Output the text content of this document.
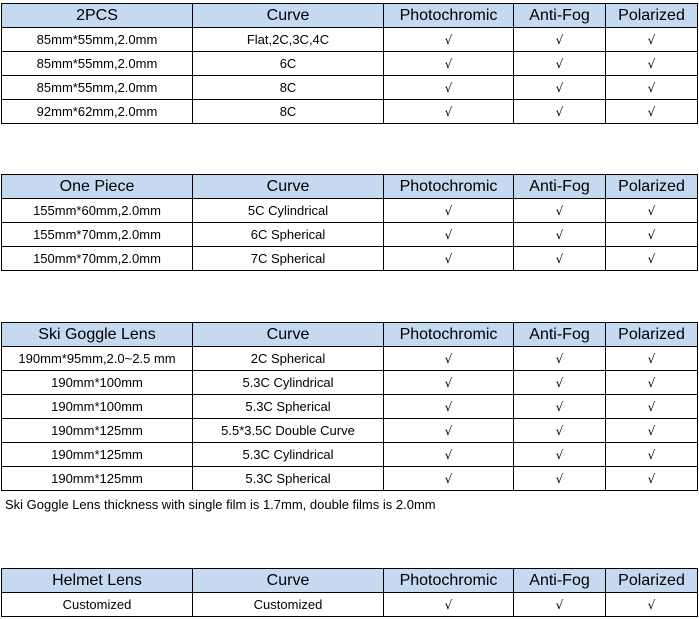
2PCS	Curve	Photochromic	Anti-Fog	Polarized
85mm*55mm,2.0mm	Flat,2C,3C,4C	√	√	√
85mm*55mm,2.0mm	6C	√	√	√
85mm*55mm,2.0mm	8C	√	√	√
92mm*62mm,2.0mm	8C	√	√	√
One Piece	Curve	Photochromic	Anti-Fog	Polarized
155mm*60mm,2.0mm	5C Cylindrical	√	√	√
155mm*70mm,2.0mm	6C Spherical	√	√	√
150mm*70mm,2.0mm	7C Spherical	√	√	√
Ski Goggle Lens	Curve	Photochromic	Anti-Fog	Polarized
190mm*95mm,2.0~2.5 mm	2C Spherical	√	√	√
190mm*100mm	5.3C Cylindrical	√	√	√
190mm*100mm	5.3C Spherical	√	√	√
190mm*125mm	5.5*3.5C Double Curve	√	√	√
190mm*125mm	5.3C Cylindrical	√	√	√
190mm*125mm	5.3C Spherical	√	√	√
Ski Goggle Lens thickness with single film is 1.7mm, double films is 2.0mm
Helmet Lens	Curve	Photochromic	Anti-Fog	Polarized
Customized	Customized	√	√	√
